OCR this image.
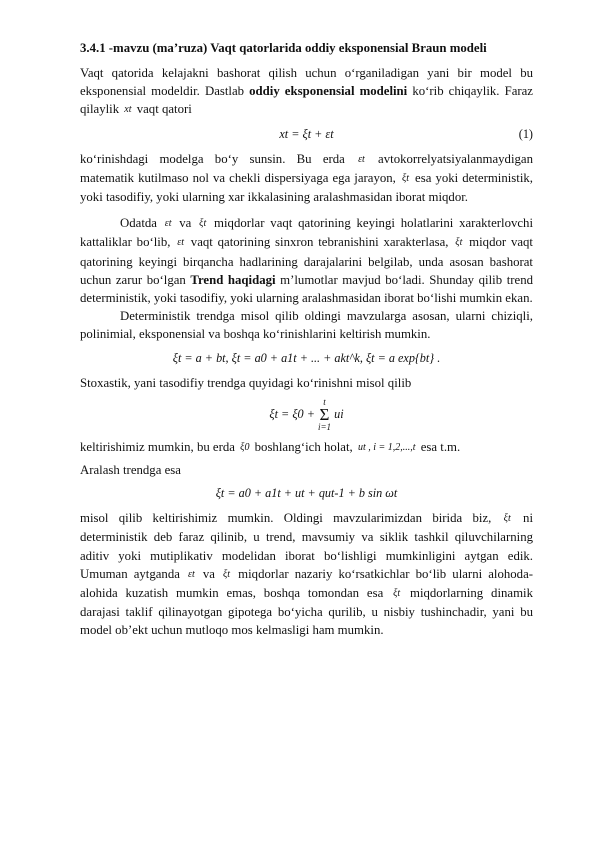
3.4.1 -mavzu (ma’ruza) Vaqt qatorlarida oddiy eksponensial Braun modeli

Vaqt qatorida kelajakni bashorat qilish uchun o‘rganiladigan yani bir model bu eksponensial modeldir. Dastlab oddiy eksponensial modelini ko‘rib chiqaylik. Faraz qilaylik xt vaqt qatori

xt = ξt + εt	(1)

ko‘rinishdagi modelga bo‘y sunsin. Bu erda εt avtokorrelyatsiyalanmaydigan matematik kutilmaso nol va chekli dispersiyaga ega jarayon, ξt esa yoki deterministik, yoki tasodifiy, yoki ularning xar ikkalasining aralashmasidan iborat miqdor.

Odatda εt va ξt miqdorlar vaqt qatorining keyingi holatlarini xarakterlovchi kattaliklar bo‘lib, εt vaqt qatorining sinxron tebranishini xarakterlasa, ξt miqdor vaqt qatorining keyingi birqancha hadlarining darajalarini belgilab, unda asosan bashorat uchun zarur bo‘lgan Trend haqidagi m’lumotlar mavjud bo‘ladi. Shunday qilib trend deterministik, yoki tasodifiy, yoki ularning aralashmasidan iborat bo‘lishi mumkin ekan.

Deterministik trendga misol qilib oldingi mavzularga asosan, ularni chiziqli, polinimial, eksponensial va boshqa ko‘rinishlarini keltirish mumkin.

ξt = a + bt, ξt = a0 + a1t + ... + akt^k, ξt = a exp{bt} .

Stoxastik, yani tasodifiy trendga quyidagi ko‘rinishni misol qilib

ξt = ξ0 + t
Σ
i=1 ui

keltirishimiz mumkin, bu erda ξ0 boshlang‘ich holat, ut , i = 1,2,...,t esa t.m.

Aralash trendga esa

ξt = a0 + a1t + ut + qut-1 + b sin ωt

misol qilib keltirishimiz mumkin. Oldingi mavzularimizdan birida biz, ξt ni deterministik deb faraz qilinib, u trend, mavsumiy va siklik tashkil qiluvchilarning aditiv yoki mutiplikativ modelidan iborat bo‘lishligi mumkinligini aytgan edik. Umuman aytganda εt va ξt miqdorlar nazariy ko‘rsatkichlar bo‘lib ularni alohoda-alohida kuzatish mumkin emas, boshqa tomondan esa ξt miqdorlarning dinamik darajasi taklif qilinayotgan gipotega bo‘yicha qurilib, u nisbiy tushinchadir, yani bu model ob’ekt uchun mutloqo mos kelmasligi ham mumkin.
